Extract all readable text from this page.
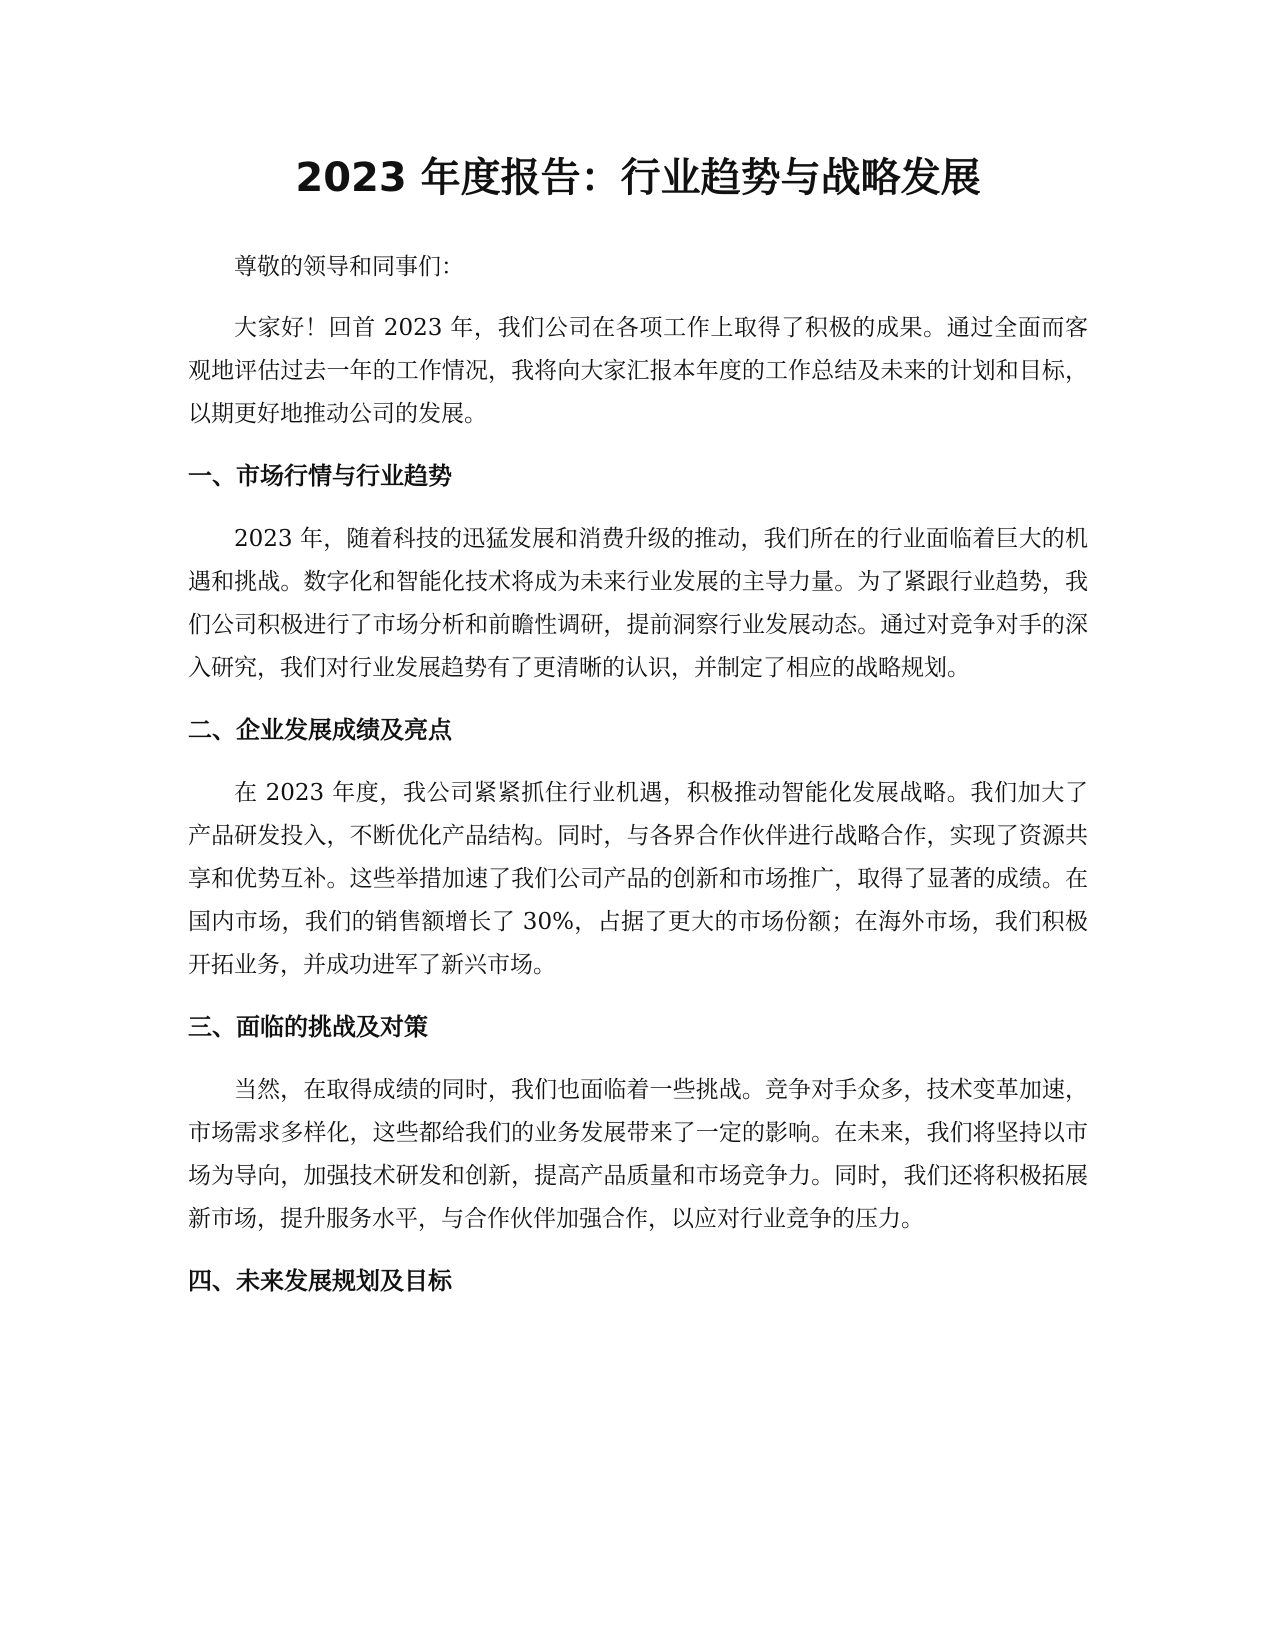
2023 年度报告：行业趋势与战略发展

尊敬的领导和同事们：

大家好！回首 2023 年，我们公司在各项工作上取得了积极的成果。通过全面而客观地评估过去一年的工作情况，我将向大家汇报本年度的工作总结及未来的计划和目标，以期更好地推动公司的发展。

一、市场行情与行业趋势

2023 年，随着科技的迅猛发展和消费升级的推动，我们所在的行业面临着巨大的机遇和挑战。数字化和智能化技术将成为未来行业发展的主导力量。为了紧跟行业趋势，我们公司积极进行了市场分析和前瞻性调研，提前洞察行业发展动态。通过对竞争对手的深入研究，我们对行业发展趋势有了更清晰的认识，并制定了相应的战略规划。

二、企业发展成绩及亮点

在 2023 年度，我公司紧紧抓住行业机遇，积极推动智能化发展战略。我们加大了产品研发投入，不断优化产品结构。同时，与各界合作伙伴进行战略合作，实现了资源共享和优势互补。这些举措加速了我们公司产品的创新和市场推广，取得了显著的成绩。在国内市场，我们的销售额增长了 30%，占据了更大的市场份额；在海外市场，我们积极开拓业务，并成功进军了新兴市场。

三、面临的挑战及对策

当然，在取得成绩的同时，我们也面临着一些挑战。竞争对手众多，技术变革加速，市场需求多样化，这些都给我们的业务发展带来了一定的影响。在未来，我们将坚持以市场为导向，加强技术研发和创新，提高产品质量和市场竞争力。同时，我们还将积极拓展新市场，提升服务水平，与合作伙伴加强合作，以应对行业竞争的压力。

四、未来发展规划及目标
